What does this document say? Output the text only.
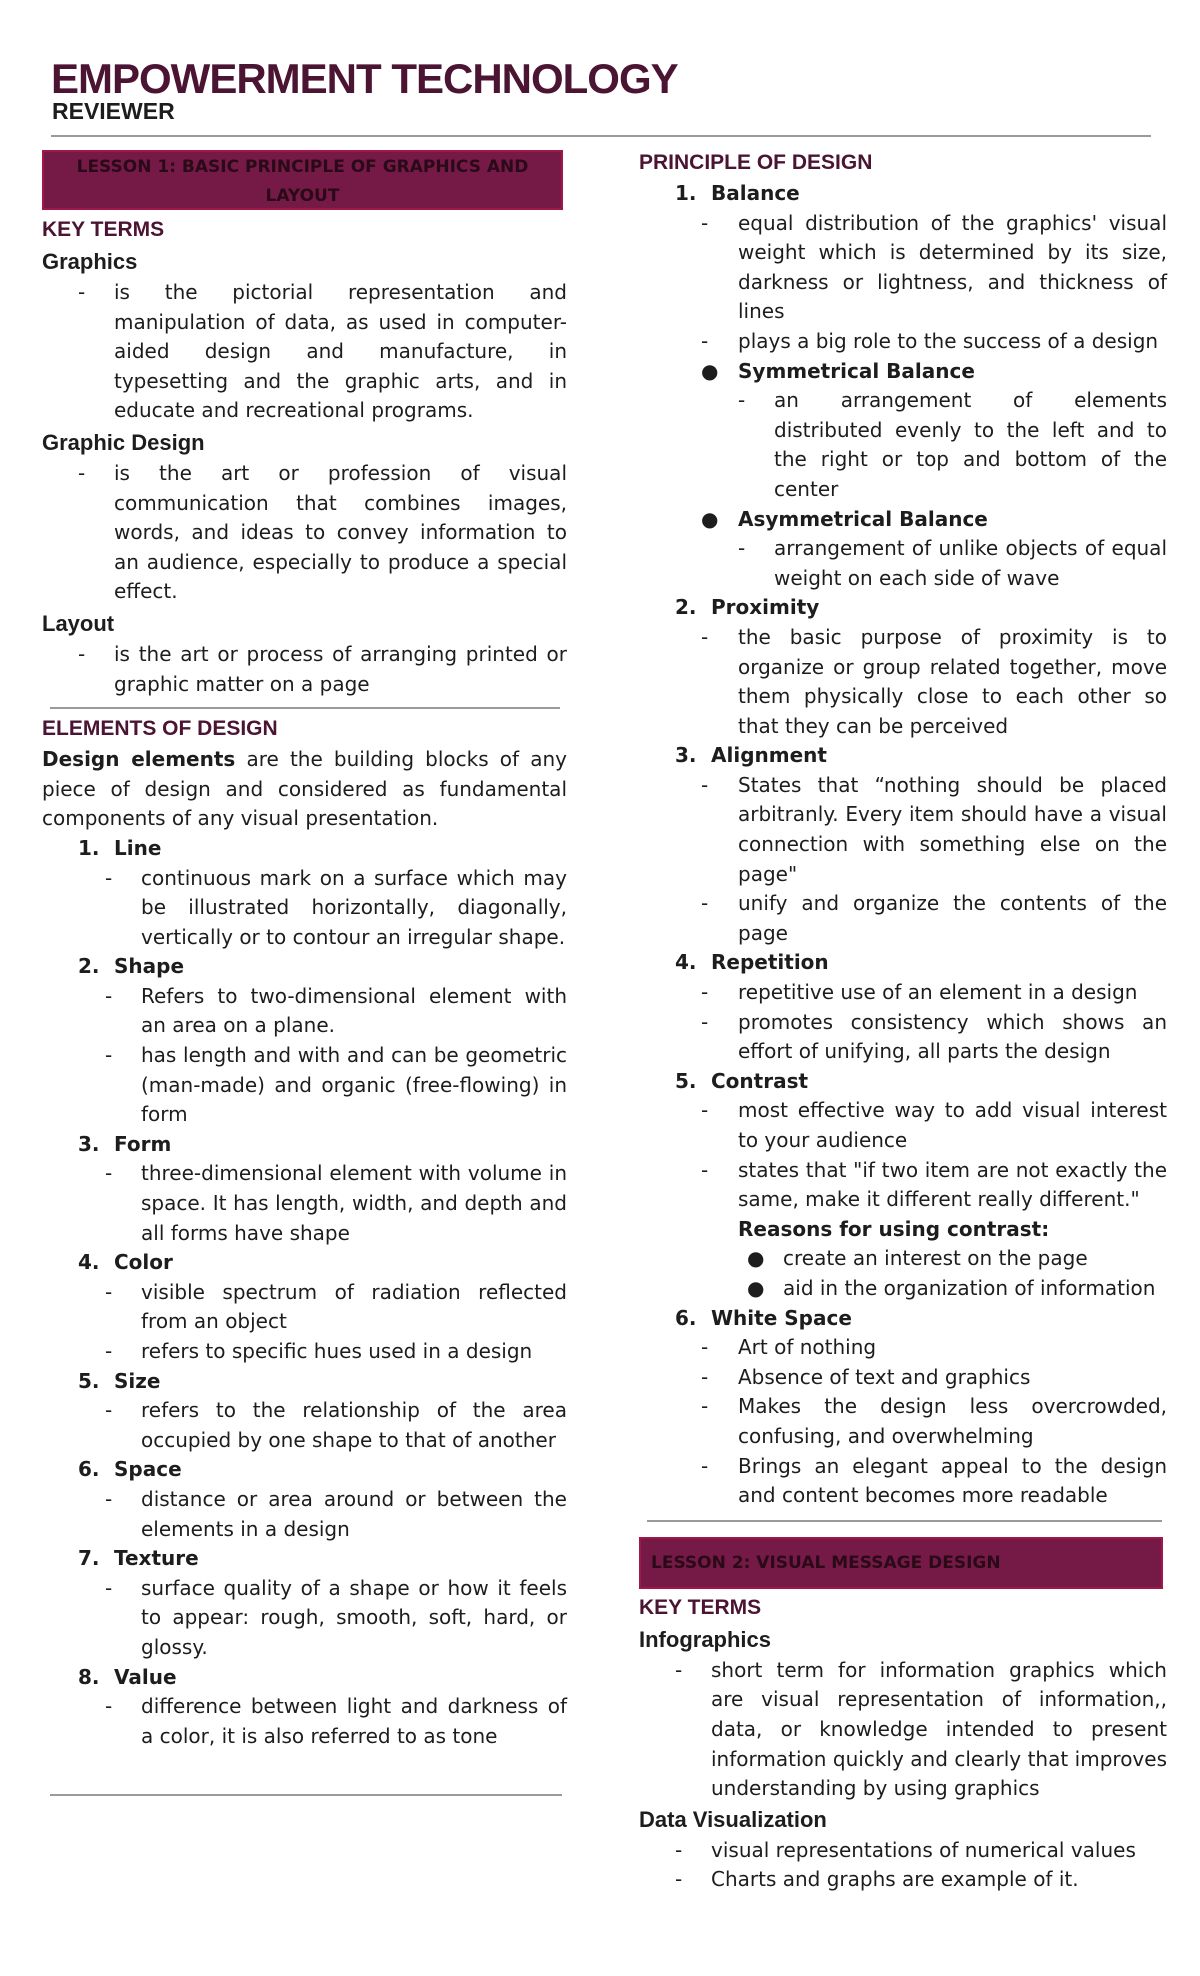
EMPOWERMENT TECHNOLOGY
REVIEWER
LESSON 1: BASIC PRINCIPLE OF GRAPHICS AND LAYOUT
KEY TERMS
Graphics
- is the pictorial representation and manipulation of data, as used in computer-aided design and manufacture, in typesetting and the graphic arts, and in educate and recreational programs.
Graphic Design
- is the art or profession of visual communication that combines images, words, and ideas to convey information to an audience, especially to produce a special effect.
Layout
- is the art or process of arranging printed or graphic matter on a page
ELEMENTS OF DESIGN

Design elements are the building blocks of any piece of design and considered as fundamental components of any visual presentation.

1. Line
- continuous mark on a surface which may be illustrated horizontally, diagonally, vertically or to contour an irregular shape.
2. Shape
- Refers to two-dimensional element with an area on a plane.
- has length and with and can be geometric (man-made) and organic (free-flowing) in form
3. Form
- three-dimensional element with volume in space. It has length, width, and depth and all forms have shape
4. Color
- visible spectrum of radiation reflected from an object
- refers to specific hues used in a design
5. Size
- refers to the relationship of the area occupied by one shape to that of another
6. Space
- distance or area around or between the elements in a design
7. Texture
- surface quality of a shape or how it feels to appear: rough, smooth, soft, hard, or glossy.
8. Value
- difference between light and darkness of a color, it is also referred to as tone
PRINCIPLE OF DESIGN
1. Balance
- equal distribution of the graphics' visual weight which is determined by its size, darkness or lightness, and thickness of lines
- plays a big role to the success of a design
● Symmetrical Balance
- an arrangement of elements distributed evenly to the left and to the right or top and bottom of the center
● Asymmetrical Balance
- arrangement of unlike objects of equal weight on each side of wave
2. Proximity
- the basic purpose of proximity is to organize or group related together, move them physically close to each other so that they can be perceived
3. Alignment
- States that “nothing should be placed arbitranly. Every item should have a visual connection with something else on the page"
- unify and organize the contents of the page
4. Repetition
- repetitive use of an element in a design
- promotes consistency which shows an effort of unifying, all parts the design
5. Contrast
- most effective way to add visual interest to your audience
- states that "if two item are not exactly the same, make it different really different."
Reasons for using contrast:
● create an interest on the page
● aid in the organization of information
6. White Space
- Art of nothing
- Absence of text and graphics
- Makes the design less overcrowded, confusing, and overwhelming
- Brings an elegant appeal to the design and content becomes more readable
LESSON 2: VISUAL MESSAGE DESIGN
KEY TERMS
Infographics
- short term for information graphics which are visual representation of information,, data, or knowledge intended to present information quickly and clearly that improves understanding by using graphics
Data Visualization
- visual representations of numerical values
- Charts and graphs are example of it.
